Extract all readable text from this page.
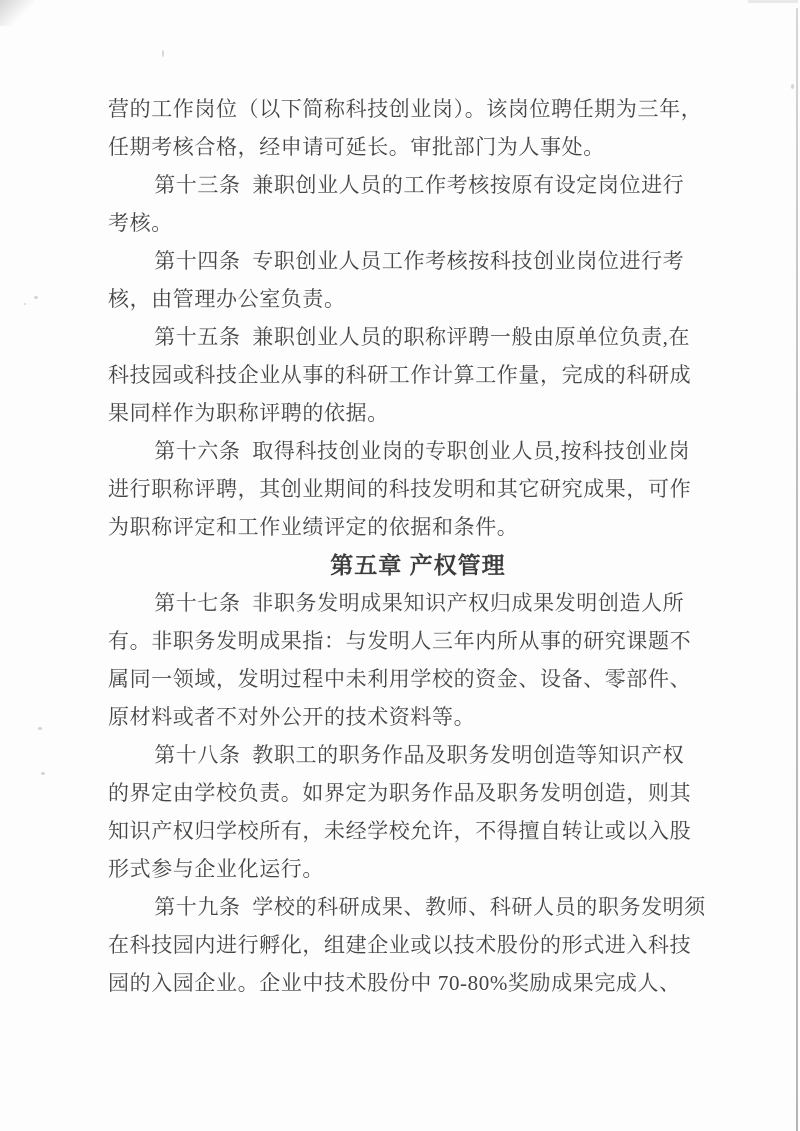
营的工作岗位（以下简称科技创业岗）。该岗位聘任期为三年，
任期考核合格，经申请可延长。审批部门为人事处。
第十三条  兼职创业人员的工作考核按原有设定岗位进行
考核。
第十四条  专职创业人员工作考核按科技创业岗位进行考
核，由管理办公室负责。
第十五条  兼职创业人员的职称评聘一般由原单位负责,在
科技园或科技企业从事的科研工作计算工作量，完成的科研成
果同样作为职称评聘的依据。
第十六条  取得科技创业岗的专职创业人员,按科技创业岗
进行职称评聘，其创业期间的科技发明和其它研究成果，可作
为职称评定和工作业绩评定的依据和条件。
第五章 产权管理
第十七条  非职务发明成果知识产权归成果发明创造人所
有。非职务发明成果指：与发明人三年内所从事的研究课题不
属同一领域，发明过程中未利用学校的资金、设备、零部件、
原材料或者不对外公开的技术资料等。
第十八条  教职工的职务作品及职务发明创造等知识产权
的界定由学校负责。如界定为职务作品及职务发明创造，则其
知识产权归学校所有，未经学校允许，不得擅自转让或以入股
形式参与企业化运行。
第十九条  学校的科研成果、教师、科研人员的职务发明须
在科技园内进行孵化，组建企业或以技术股份的形式进入科技
园的入园企业。企业中技术股份中 70-80%奖励成果完成人、
